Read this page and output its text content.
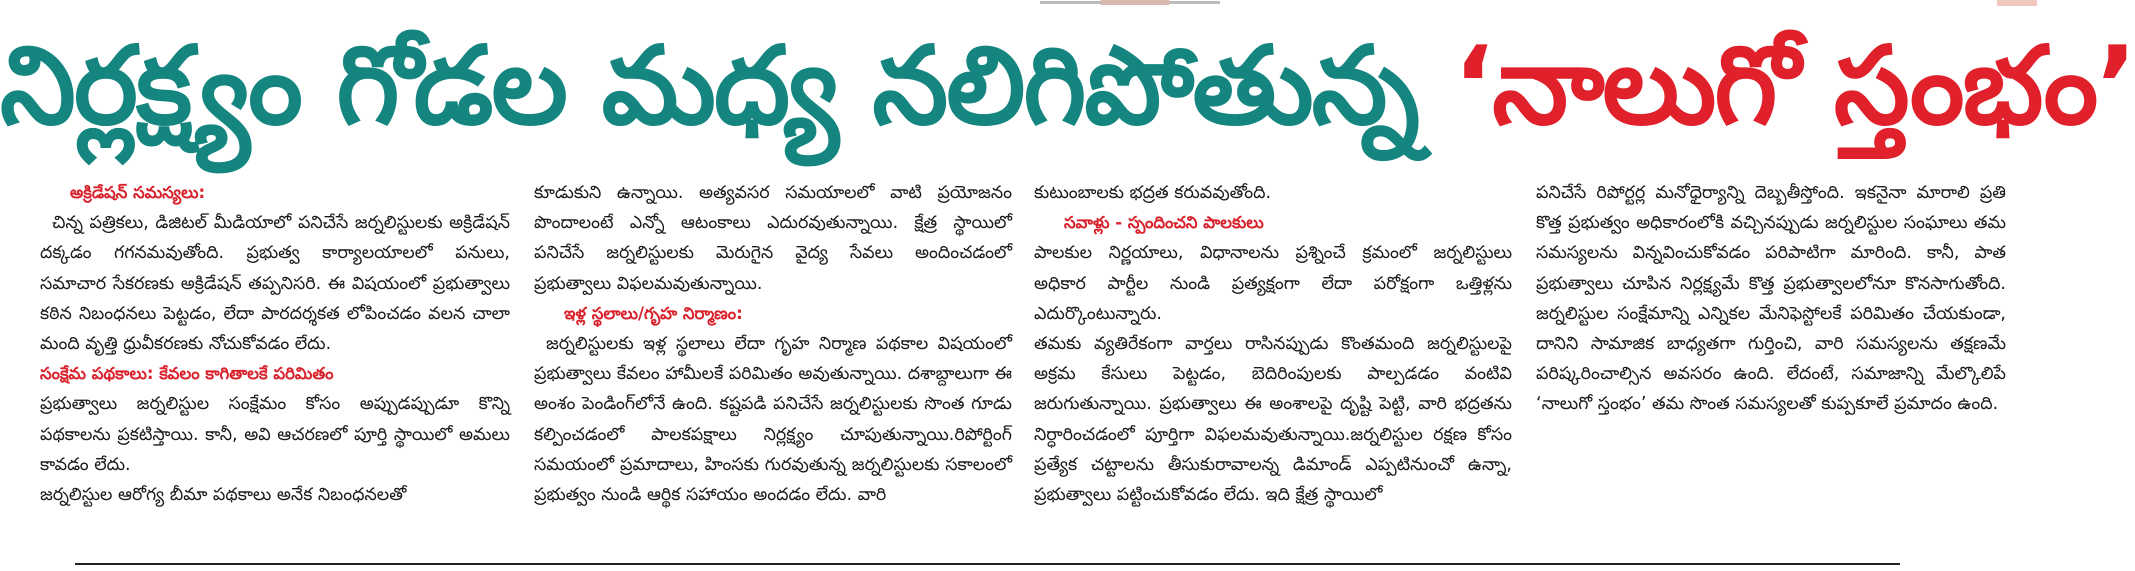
నిర్లక్ష్యం గోడల మధ్య నలిగిపోతున్న ‘నాలుగో స్తంభం’

అక్రిడేషన్ సమస్యలు:

చిన్న పత్రికలు, డిజిటల్ మీడియాలో పనిచేసే జర్నలిస్టులకు అక్రిడేషన్ దక్కడం గగనమవుతోంది. ప్రభుత్వ కార్యాలయాలలో పనులు, సమాచార సేకరణకు అక్రిడేషన్ తప్పనిసరి. ఈ విషయంలో ప్రభుత్వాలు కఠిన నిబంధనలు పెట్టడం, లేదా పారదర్శకత లోపించడం వలన చాలా మంది వృత్తి ధ్రువీకరణకు నోచుకోవడం లేదు.

సంక్షేమ పథకాలు: కేవలం కాగితాలకే పరిమితం

ప్రభుత్వాలు జర్నలిస్టుల సంక్షేమం కోసం అప్పుడప్పుడూ కొన్ని పథకాలను ప్రకటిస్తాయి. కానీ, అవి ఆచరణలో పూర్తి స్థాయిలో అమలు కావడం లేదు.

జర్నలిస్టుల ఆరోగ్య బీమా పథకాలు అనేక నిబంధనలతో

కూడుకుని ఉన్నాయి. అత్యవసర సమయాలలో వాటి ప్రయోజనం పొందాలంటే ఎన్నో ఆటంకాలు ఎదురవుతున్నాయి. క్షేత్ర స్థాయిలో పనిచేసే జర్నలిస్టులకు మెరుగైన వైద్య సేవలు అందించడంలో ప్రభుత్వాలు విఫలమవుతున్నాయి.

ఇళ్ల స్థలాలు/గృహ నిర్మాణం:

జర్నలిస్టులకు ఇళ్ల స్థలాలు లేదా గృహ నిర్మాణ పథకాల విషయంలో ప్రభుత్వాలు కేవలం హామీలకే పరిమితం అవుతున్నాయి. దశాబ్దాలుగా ఈ అంశం పెండింగ్‌లోనే ఉంది. కష్టపడి పనిచేసే జర్నలిస్టులకు సొంత గూడు కల్పించడంలో పాలకపక్షాలు నిర్లక్ష్యం చూపుతున్నాయి.రిపోర్టింగ్ సమయంలో ప్రమాదాలు, హింసకు గురవుతున్న జర్నలిస్టులకు సకాలంలో ప్రభుత్వం నుండి ఆర్థిక సహాయం అందడం లేదు. వారి

కుటుంబాలకు భద్రత కరువవుతోంది.

సవాళ్లు - స్పందించని పాలకులు

పాలకుల నిర్ణయాలు, విధానాలను ప్రశ్నించే క్రమంలో జర్నలిస్టులు అధికార పార్టీల నుండి ప్రత్యక్షంగా లేదా పరోక్షంగా ఒత్తిళ్లను ఎదుర్కొంటున్నారు.

తమకు వ్యతిరేకంగా వార్తలు రాసినప్పుడు కొంతమంది జర్నలిస్టులపై అక్రమ కేసులు పెట్టడం, బెదిరింపులకు పాల్పడడం వంటివి జరుగుతున్నాయి. ప్రభుత్వాలు ఈ అంశాలపై దృష్టి పెట్టి, వారి భద్రతను నిర్ధారించడంలో పూర్తిగా విఫలమవుతున్నాయి.జర్నలిస్టుల రక్షణ కోసం ప్రత్యేక చట్టాలను తీసుకురావాలన్న డిమాండ్ ఎప్పటినుంచో ఉన్నా, ప్రభుత్వాలు పట్టించుకోవడం లేదు. ఇది క్షేత్ర స్థాయిలో

పనిచేసే రిపోర్టర్ల మనోధైర్యాన్ని దెబ్బతీస్తోంది. ఇకనైనా మారాలి ప్రతి కొత్త ప్రభుత్వం అధికారంలోకి వచ్చినప్పుడు జర్నలిస్టుల సంఘాలు తమ సమస్యలను విన్నవించుకోవడం పరిపాటిగా మారింది. కానీ, పాత ప్రభుత్వాలు చూపిన నిర్లక్ష్యమే కొత్త ప్రభుత్వాలలోనూ కొనసాగుతోంది. జర్నలిస్టుల సంక్షేమాన్ని ఎన్నికల మేనిఫెస్టోలకే పరిమితం చేయకుండా, దానిని సామాజిక బాధ్యతగా గుర్తించి, వారి సమస్యలను తక్షణమే పరిష్కరించాల్సిన అవసరం ఉంది. లేదంటే, సమాజాన్ని మేల్కొలిపే ‘నాలుగో స్తంభం’ తమ సొంత సమస్యలతో కుప్పకూలే ప్రమాదం ఉంది.
